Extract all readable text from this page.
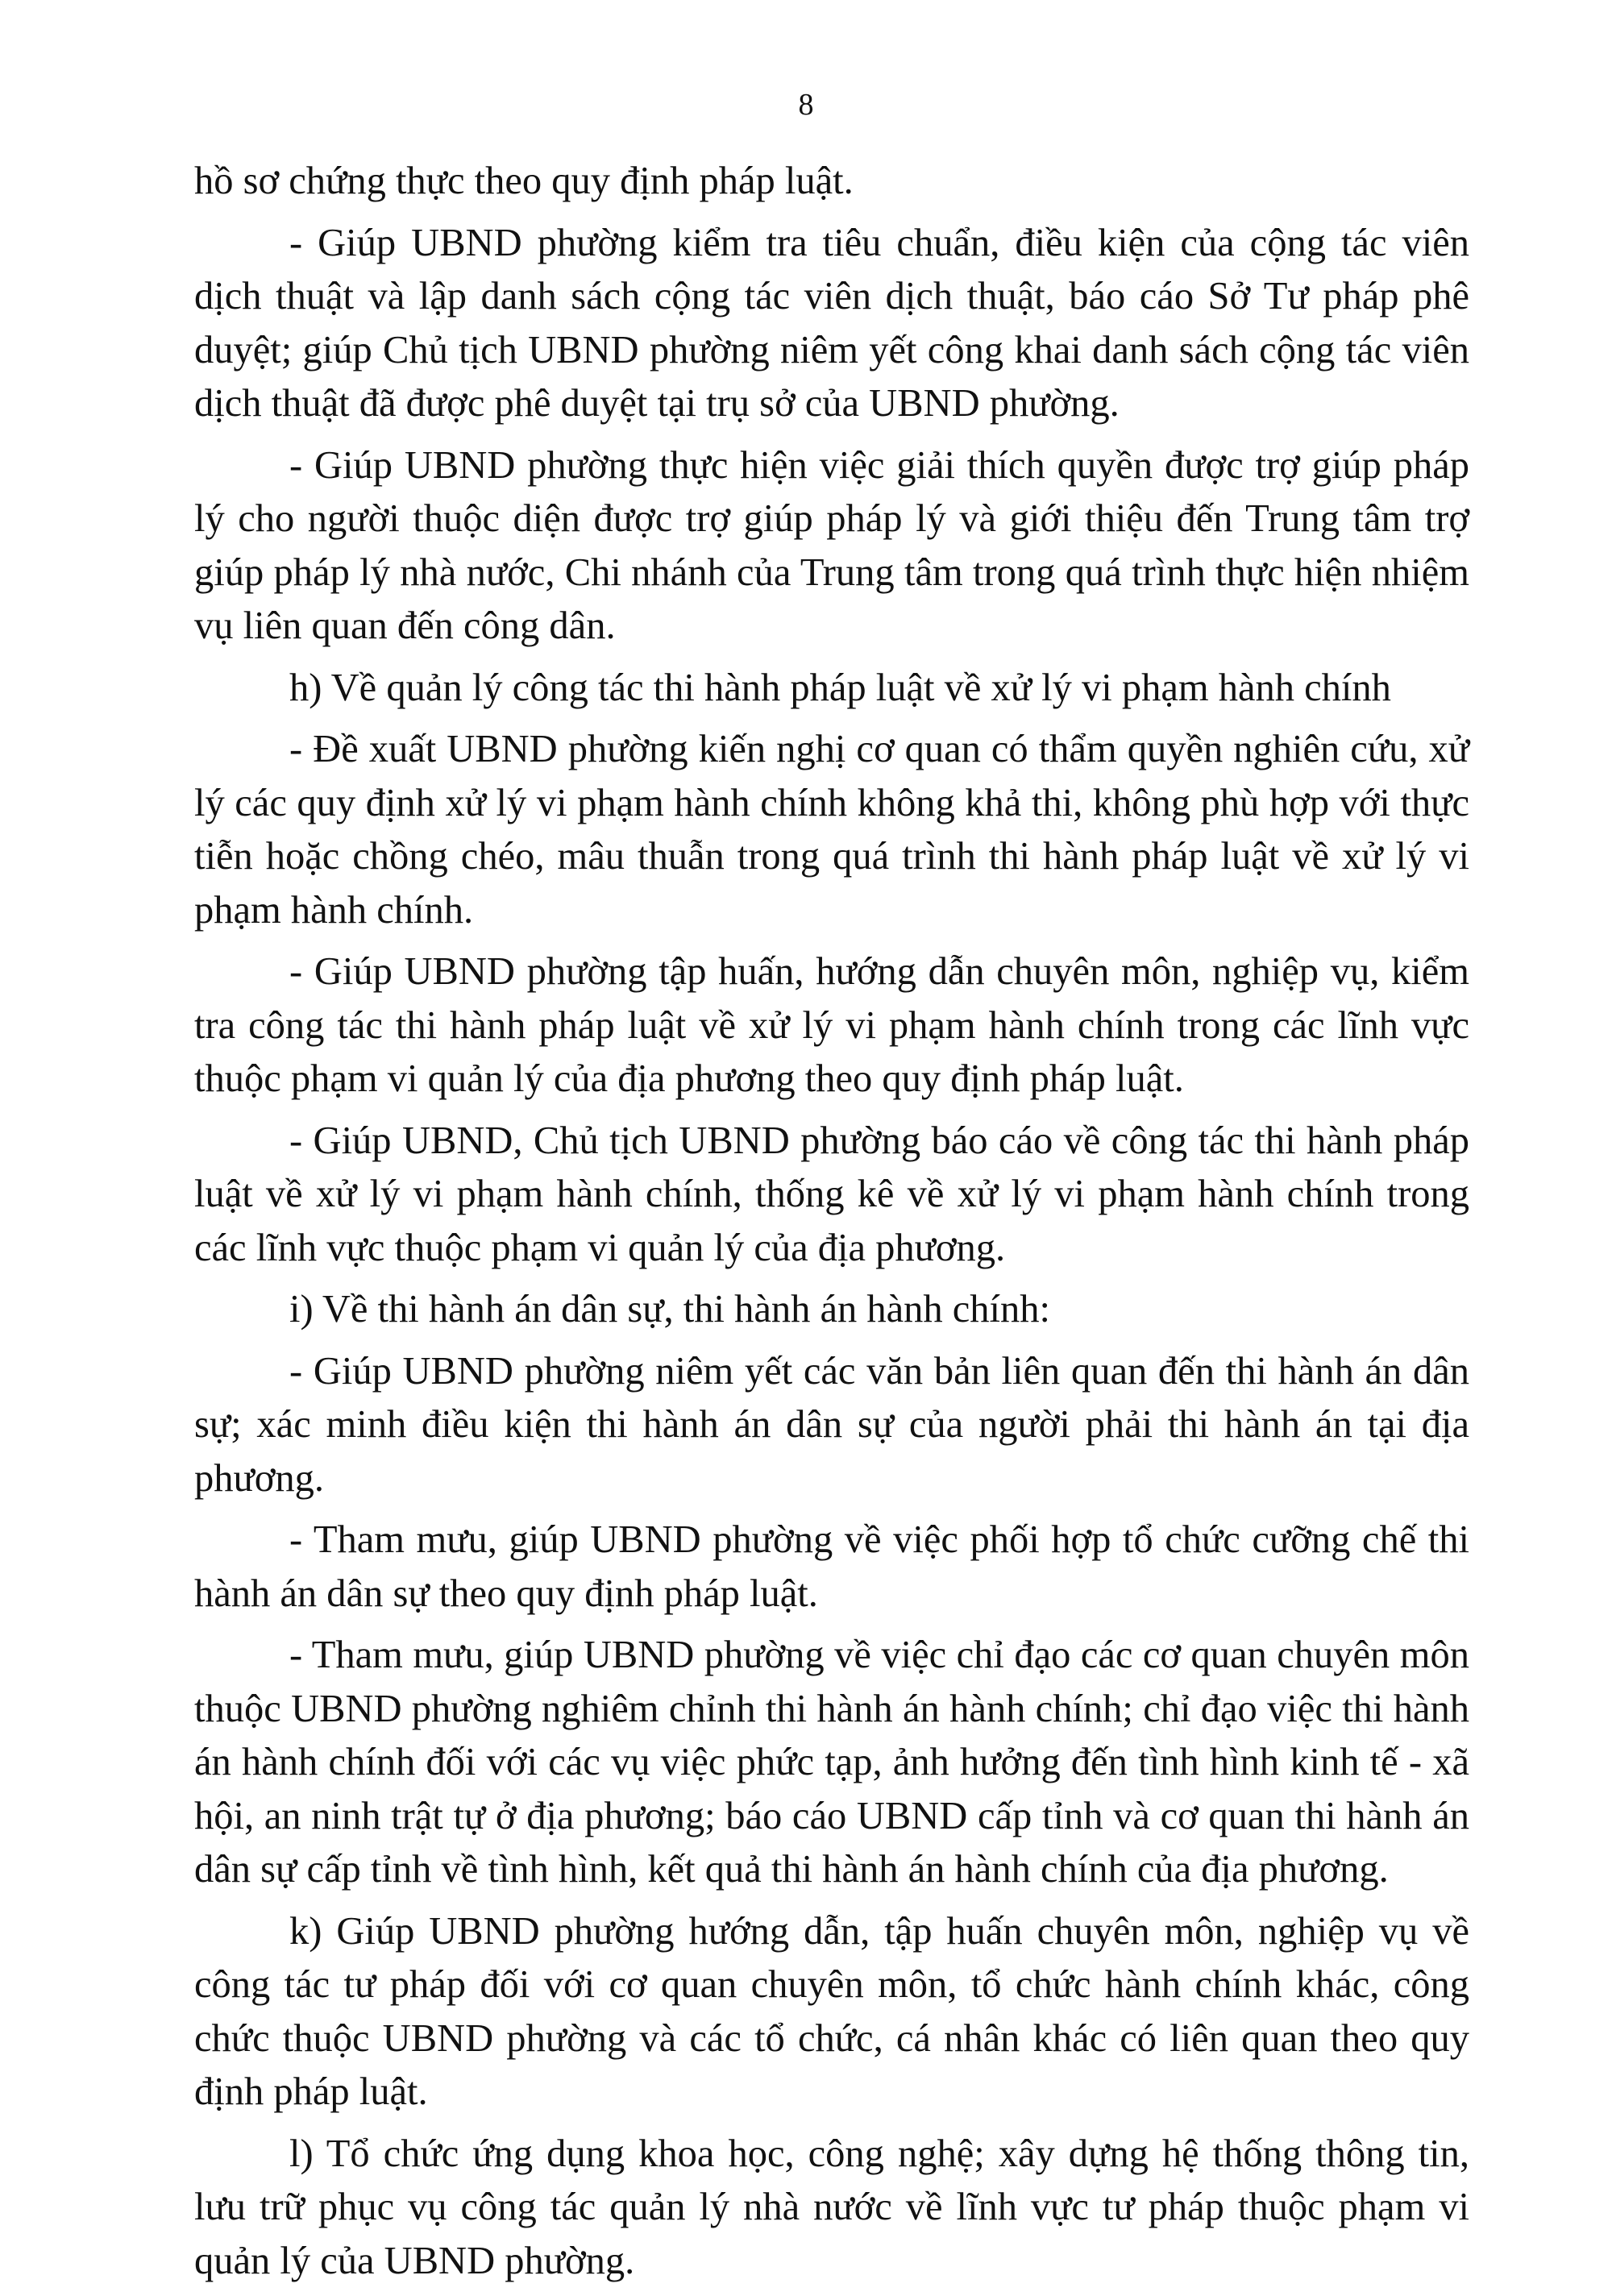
8

hồ sơ chứng thực theo quy định pháp luật.

- Giúp UBND phường kiểm tra tiêu chuẩn, điều kiện của cộng tác viên dịch thuật và lập danh sách cộng tác viên dịch thuật, báo cáo Sở Tư pháp phê duyệt; giúp Chủ tịch UBND phường niêm yết công khai danh sách cộng tác viên dịch thuật đã được phê duyệt tại trụ sở của UBND phường.

- Giúp UBND phường thực hiện việc giải thích quyền được trợ giúp pháp lý cho người thuộc diện được trợ giúp pháp lý và giới thiệu đến Trung tâm trợ giúp pháp lý nhà nước, Chi nhánh của Trung tâm trong quá trình thực hiện nhiệm vụ liên quan đến công dân.

h) Về quản lý công tác thi hành pháp luật về xử lý vi phạm hành chính

- Đề xuất UBND phường kiến nghị cơ quan có thẩm quyền nghiên cứu, xử lý các quy định xử lý vi phạm hành chính không khả thi, không phù hợp với thực tiễn hoặc chồng chéo, mâu thuẫn trong quá trình thi hành pháp luật về xử lý vi phạm hành chính.

- Giúp UBND phường tập huấn, hướng dẫn chuyên môn, nghiệp vụ, kiểm tra công tác thi hành pháp luật về xử lý vi phạm hành chính trong các lĩnh vực thuộc phạm vi quản lý của địa phương theo quy định pháp luật.

- Giúp UBND, Chủ tịch UBND phường báo cáo về công tác thi hành pháp luật về xử lý vi phạm hành chính, thống kê về xử lý vi phạm hành chính trong các lĩnh vực thuộc phạm vi quản lý của địa phương.

i) Về thi hành án dân sự, thi hành án hành chính:

- Giúp UBND phường niêm yết các văn bản liên quan đến thi hành án dân sự; xác minh điều kiện thi hành án dân sự của người phải thi hành án tại địa phương.

- Tham mưu, giúp UBND phường về việc phối hợp tổ chức cưỡng chế thi hành án dân sự theo quy định pháp luật.

- Tham mưu, giúp UBND phường về việc chỉ đạo các cơ quan chuyên môn thuộc UBND phường nghiêm chỉnh thi hành án hành chính; chỉ đạo việc thi hành án hành chính đối với các vụ việc phức tạp, ảnh hưởng đến tình hình kinh tế - xã hội, an ninh trật tự ở địa phương; báo cáo UBND cấp tỉnh và cơ quan thi hành án dân sự cấp tỉnh về tình hình, kết quả thi hành án hành chính của địa phương.

k) Giúp UBND phường hướng dẫn, tập huấn chuyên môn, nghiệp vụ về công tác tư pháp đối với cơ quan chuyên môn, tổ chức hành chính khác, công chức thuộc UBND phường và các tổ chức, cá nhân khác có liên quan theo quy định pháp luật.

l) Tổ chức ứng dụng khoa học, công nghệ; xây dựng hệ thống thông tin, lưu trữ phục vụ công tác quản lý nhà nước về lĩnh vực tư pháp thuộc phạm vi quản lý của UBND phường.
